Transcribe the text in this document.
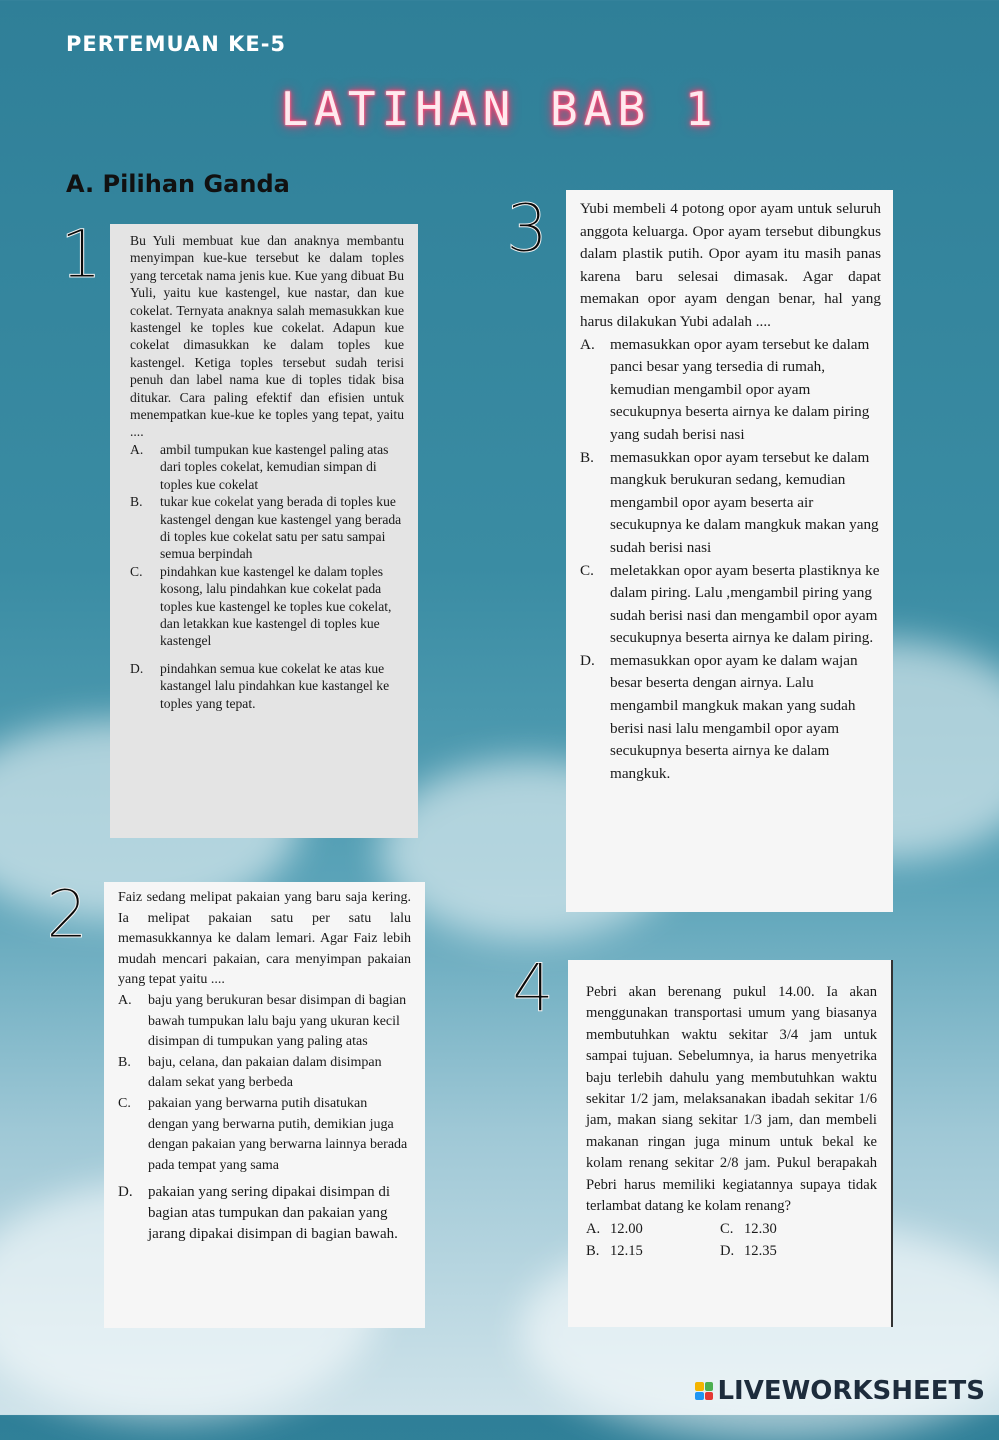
PERTEMUAN KE-5
LATIHAN BAB 1
A. Pilihan Ganda
1 Bu Yuli membuat kue dan anaknya membantu menyimpan kue-kue tersebut ke dalam toples yang tercetak nama jenis kue. Kue yang dibuat Bu Yuli, yaitu kue kastengel, kue nastar, dan kue cokelat. Ternyata anaknya salah memasukkan kue kastengel ke toples kue cokelat. Adapun kue cokelat dimasukkan ke dalam toples kue kastengel. Ketiga toples tersebut sudah terisi penuh dan label nama kue di toples tidak bisa ditukar. Cara paling efektif dan efisien untuk menempatkan kue-kue ke toples yang tepat, yaitu ....

A.	ambil tumpukan kue kastengel paling atas dari toples cokelat, kemudian simpan di toples kue cokelat
B.	tukar kue cokelat yang berada di toples kue kastengel dengan kue kastengel yang berada di toples kue cokelat satu per satu sampai semua berpindah
C.	pindahkan kue kastengel ke dalam toples kosong, lalu pindahkan kue cokelat pada toples kue kastengel ke toples kue cokelat, dan letakkan kue kastengel di toples kue kastengel
D.	pindahkan semua kue cokelat ke atas kue kastangel lalu pindahkan kue kastangel ke toples yang tepat.
2 Faiz sedang melipat pakaian yang baru saja kering. Ia melipat pakaian satu per satu lalu memasukkannya ke dalam lemari. Agar Faiz lebih mudah mencari pakaian, cara menyimpan pakaian yang tepat yaitu ....

A.	baju yang berukuran besar disimpan di bagian bawah tumpukan lalu baju yang ukuran kecil disimpan di tumpukan yang paling atas
B.	baju, celana, dan pakaian dalam disimpan dalam sekat yang berbeda
C.	pakaian yang berwarna putih disatukan dengan yang berwarna putih, demikian juga dengan pakaian yang berwarna lainnya berada pada tempat yang sama
D.	pakaian yang sering dipakai disimpan di bagian atas tumpukan dan pakaian yang jarang dipakai disimpan di bagian bawah.
3 Yubi membeli 4 potong opor ayam untuk seluruh anggota keluarga. Opor ayam tersebut dibungkus dalam plastik putih. Opor ayam itu masih panas karena baru selesai dimasak. Agar dapat memakan opor ayam dengan benar, hal yang harus dilakukan Yubi adalah ....

A.	memasukkan opor ayam tersebut ke dalam panci besar yang tersedia di rumah, kemudian mengambil opor ayam secukupnya beserta airnya ke dalam piring yang sudah berisi nasi
B.	memasukkan opor ayam tersebut ke dalam mangkuk berukuran sedang, kemudian mengambil opor ayam beserta air secukupnya ke dalam mangkuk makan yang sudah berisi nasi
C.	meletakkan opor ayam beserta plastiknya ke dalam piring. Lalu ,mengambil piring yang sudah berisi nasi dan mengambil opor ayam secukupnya beserta airnya ke dalam piring.
D.	memasukkan opor ayam ke dalam wajan besar beserta dengan airnya. Lalu mengambil mangkuk makan yang sudah berisi nasi lalu mengambil opor ayam secukupnya beserta airnya ke dalam mangkuk.
4 Pebri akan berenang pukul 14.00. Ia akan menggunakan transportasi umum yang biasanya membutuhkan waktu sekitar 3/4 jam untuk sampai tujuan. Sebelumnya, ia harus menyetrika baju terlebih dahulu yang membutuhkan waktu sekitar 1/2 jam, melaksanakan ibadah sekitar 1/6 jam, makan siang sekitar 1/3 jam, dan membeli makanan ringan juga minum untuk bekal ke kolam renang sekitar 2/8 jam. Pukul berapakah Pebri harus memiliki kegiatannya supaya tidak terlambat datang ke kolam renang?

A. 12.00	C. 12.30
B. 12.15	D. 12.35
LIVEWORKSHEETS
